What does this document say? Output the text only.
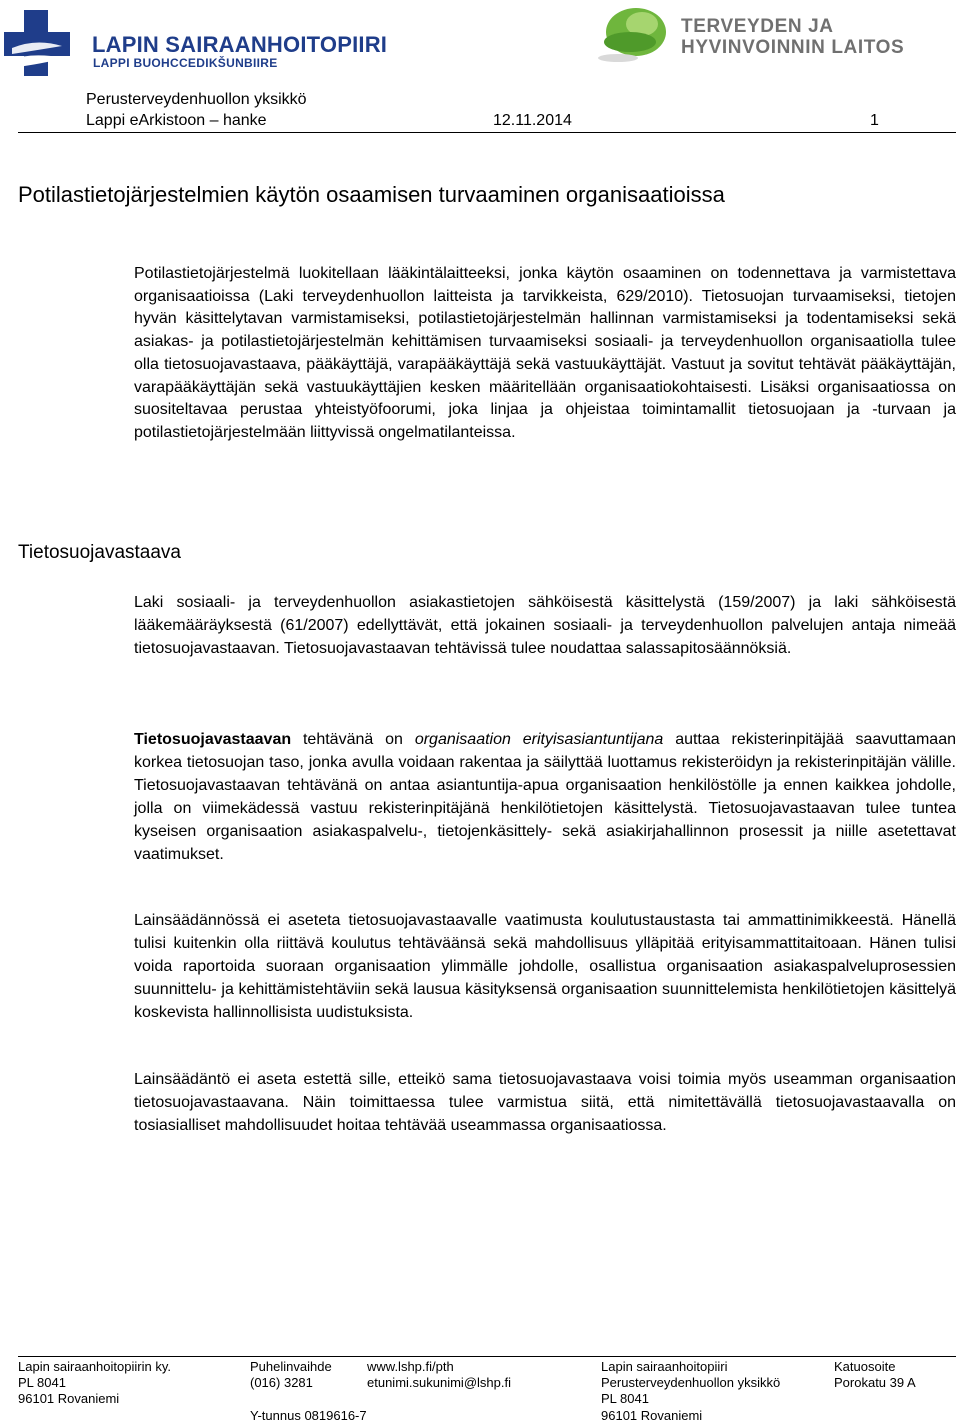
LAPIN SAIRAANHOITOPIIRI
LAPPI BUOHCCEDIKŠUNBIIRE
TERVEYDEN JA
HYVINVOINNIN LAITOS
Perusterveydenhuollon yksikkö
Lappi eArkistoon – hanke	12.11.2014	1
Potilastietojärjestelmien käytön osaamisen turvaaminen organisaatioissa

Potilastietojärjestelmä luokitellaan lääkintälaitteeksi, jonka käytön osaaminen on todennettava ja varmistettava organisaatioissa (Laki terveydenhuollon laitteista ja tarvikkeista, 629/2010). Tietosuojan turvaamiseksi, tietojen hyvän käsittelytavan varmistamiseksi, potilastietojärjestelmän hallinnan varmistamiseksi ja todentamiseksi sekä asiakas- ja potilastietojärjestelmän kehittämisen turvaamiseksi sosiaali- ja terveydenhuollon organisaatiolla tulee olla tietosuojavastaava, pääkäyttäjä, varapääkäyttäjä sekä vastuukäyttäjät. Vastuut ja sovitut tehtävät pääkäyttäjän, varapääkäyttäjän sekä vastuukäyttäjien kesken määritellään organisaatiokohtaisesti. Lisäksi organisaatiossa on suositeltavaa perustaa yhteistyöfoorumi, joka linjaa ja ohjeistaa toimintamallit tietosuojaan ja -turvaan ja potilastietojärjestelmään liittyvissä ongelmatilanteissa.

Tietosuojavastaava

Laki sosiaali- ja terveydenhuollon asiakastietojen sähköisestä käsittelystä (159/2007) ja laki sähköisestä lääkemääräyksestä (61/2007) edellyttävät, että jokainen sosiaali- ja terveydenhuollon palvelujen antaja nimeää tietosuojavastaavan. Tietosuojavastaavan tehtävissä tulee noudattaa salassapitosäännöksiä.

Tietosuojavastaavan tehtävänä on organisaation erityisasiantuntijana auttaa rekisterinpitäjää saavuttamaan korkea tietosuojan taso, jonka avulla voidaan rakentaa ja säilyttää luottamus rekisteröidyn ja rekisterinpitäjän välille. Tietosuojavastaavan tehtävänä on antaa asiantuntija-apua organisaation henkilöstölle ja ennen kaikkea johdolle, jolla on viimekädessä vastuu rekisterinpitäjänä henkilötietojen käsittelystä. Tietosuojavastaavan tulee tuntea kyseisen organisaation asiakaspalvelu-, tietojenkäsittely- sekä asiakirjahallinnon prosessit ja niille asetettavat vaatimukset.

Lainsäädännössä ei aseteta tietosuojavastaavalle vaatimusta koulutustaustasta tai ammattinimikkeestä. Hänellä tulisi kuitenkin olla riittävä koulutus tehtäväänsä sekä mahdollisuus ylläpitää erityisammattitaitoaan. Hänen tulisi voida raportoida suoraan organisaation ylimmälle johdolle, osallistua organisaation asiakaspalveluprosessien suunnittelu- ja kehittämistehtäviin sekä lausua käsityksensä organisaation suunnittelemista henkilötietojen käsittelyä koskevista hallinnollisista uudistuksista.

Lainsäädäntö ei aseta estettä sille, etteikö sama tietosuojavastaava voisi toimia myös useamman organisaation tietosuojavastaavana. Näin toimittaessa tulee varmistua siitä, että nimitettävällä tietosuojavastaavalla on tosiasialliset mahdollisuudet hoitaa tehtävää useammassa organisaatiossa.

Lapin sairaanhoitopiirin ky.
PL 8041
96101 Rovaniemi
Puhelinvaihde
(016) 3281

Y-tunnus 0819616-7
www.lshp.fi/pth
etunimi.sukunimi@lshp.fi
Lapin sairaanhoitopiiri
Perusterveydenhuollon yksikkö
PL 8041
96101 Rovaniemi
Katuosoite
Porokatu 39 A
